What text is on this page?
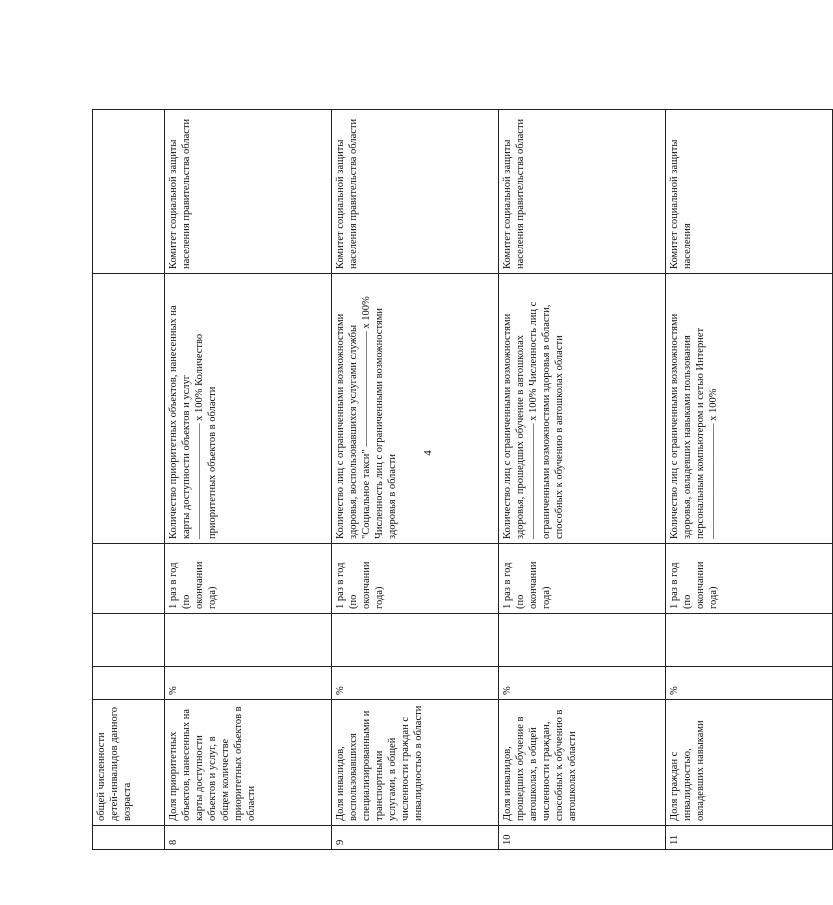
4
	общей численности детей-инвалидов данного возраста					
8	Доля приоритетных объектов, нанесенных на карты доступности объектов и услуг, в общем количестве приоритетных объектов в области	%		1 раз в год (по окончании года)	Количество приоритетных объектов, нанесенных на карты доступности объектов и услуг ——————————— х 100% Количество приоритетных объектов в области	Комитет социальной защиты населения правительства области
9	Доля инвалидов, воспользовавшихся специализированными и транспортными услугами, в общей численности граждан с инвалидностью в области	%		1 раз в год (по окончании года)	Количество лиц с ограниченными возможностями здоровья, воспользовавшихся услугами службы "Социальное такси" ——————————— х 100% Численность лиц с ограниченными возможностями здоровья в области	Комитет социальной защиты населения правительства области
10	Доля инвалидов, прошедших обучение в автошколах, в общей численности граждан, способных к обучению в автошколах области	%		1 раз в год (по окончании года)	Количество лиц с ограниченными возможностями здоровья, прошедших обучение в автошколах ——————————— х 100% Численность лиц с ограниченными возможностями здоровья в области, способных к обучению в автошколах области	Комитет социальной защиты населения правительства области
11	Доля граждан с инвалидностью, овладевших навыками	%		1 раз в год (по окончании года)	Количество лиц с ограниченными возможностями здоровья, овладевших навыками пользования персональным компьютером и сетью Интернет ——————————— х 100%	Комитет социальной защиты населения
